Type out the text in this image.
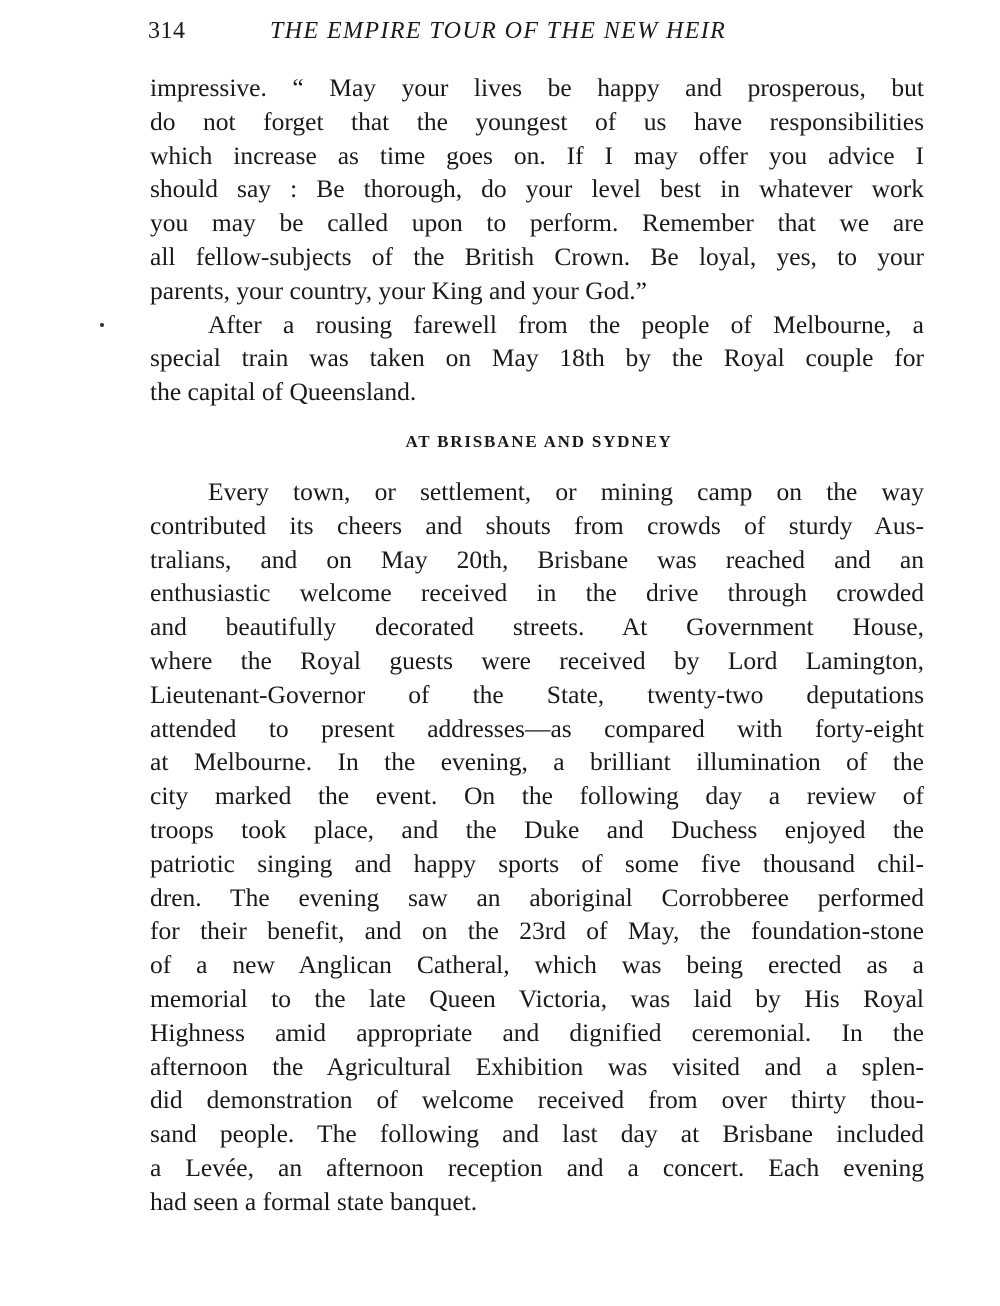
314	THE EMPIRE TOUR OF THE NEW HEIR

impressive. “ May your lives be happy and prosperous, but
do not forget that the youngest of us have responsibilities
which increase as time goes on. If I may offer you advice I
should say : Be thorough, do your level best in whatever work
you may be called upon to perform. Remember that we are
all fellow-subjects of the British Crown. Be loyal, yes, to your
parents, your country, your King and your God.”

After a rousing farewell from the people of Melbourne, a
special train was taken on May 18th by the Royal couple for
the capital of Queensland.

AT BRISBANE AND SYDNEY

Every town, or settlement, or mining camp on the way
contributed its cheers and shouts from crowds of sturdy Aus-
tralians, and on May 20th, Brisbane was reached and an
enthusiastic welcome received in the drive through crowded
and beautifully decorated streets. At Government House,
where the Royal guests were received by Lord Lamington,
Lieutenant-Governor of the State, twenty-two deputations
attended to present addresses—as compared with forty-eight
at Melbourne. In the evening, a brilliant illumination of the
city marked the event. On the following day a review of
troops took place, and the Duke and Duchess enjoyed the
patriotic singing and happy sports of some five thousand chil-
dren. The evening saw an aboriginal Corrobberee performed
for their benefit, and on the 23rd of May, the foundation-stone
of a new Anglican Catheral, which was being erected as a
memorial to the late Queen Victoria, was laid by His Royal
Highness amid appropriate and dignified ceremonial. In the
afternoon the Agricultural Exhibition was visited and a splen-
did demonstration of welcome received from over thirty thou-
sand people. The following and last day at Brisbane included
a Levée, an afternoon reception and a concert. Each evening
had seen a formal state banquet.
